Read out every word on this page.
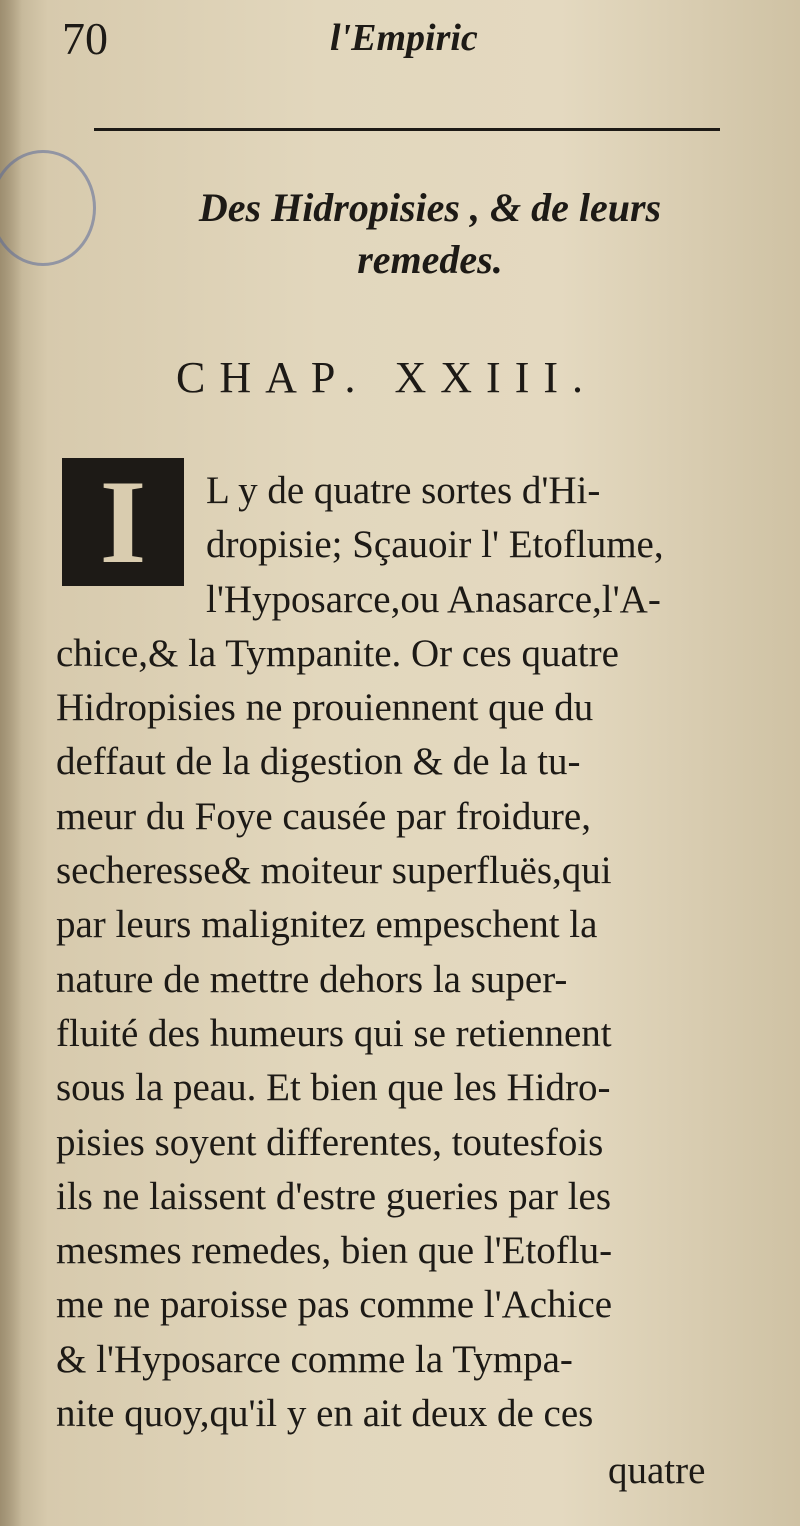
70	l'Empiric
Des Hidropisies , & de leurs
remedes.
CHAP. XXIII.
I	L y de quatre sortes d'Hi-
dropisie; Sçauoir l' Etoflume,
l'Hyposarce,ou Anasarce,l'A-
chice,& la Tympanite. Or ces quatre
Hidropisies ne prouiennent que du
deffaut de la digestion & de la tu-
meur du Foye causée par froidure,
secheresse& moiteur superfluës,qui
par leurs malignitez empeschent la
nature de mettre dehors la super-
fluité des humeurs qui se retiennent
sous la peau. Et bien que les Hidro-
pisies soyent differentes, toutesfois
ils ne laissent d'estre gueries par les
mesmes remedes, bien que l'Etoflu-
me ne paroisse pas comme l'Achice
& l'Hyposarce comme la Tympa-
nite quoy,qu'il y en ait deux de ces
quatre
